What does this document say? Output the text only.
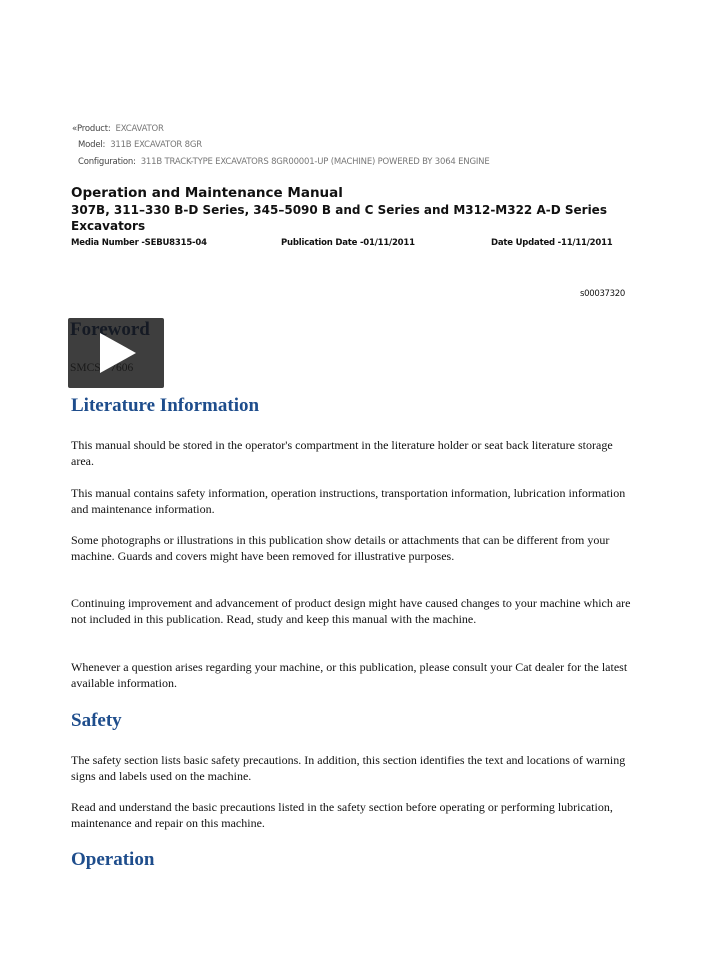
«Product: EXCAVATOR
Model: 311B EXCAVATOR 8GR
Configuration: 311B TRACK-TYPE EXCAVATORS 8GR00001-UP (MACHINE) POWERED BY 3064 ENGINE
Operation and Maintenance Manual
307B, 311–330 B-D Series, 345–5090 B and C Series and M312-M322 A-D Series Excavators
Media Number -SEBU8315-04	Publication Date -01/11/2011	Date Updated -11/11/2011
s00037320
Literature Information
This manual should be stored in the operator's compartment in the literature holder or seat back literature storage area.
This manual contains safety information, operation instructions, transportation information, lubrication information and maintenance information.
Some photographs or illustrations in this publication show details or attachments that can be different from your machine. Guards and covers might have been removed for illustrative purposes.
Continuing improvement and advancement of product design might have caused changes to your machine which are not included in this publication. Read, study and keep this manual with the machine.
Whenever a question arises regarding your machine, or this publication, please consult your Cat dealer for the latest available information.
Safety
The safety section lists basic safety precautions. In addition, this section identifies the text and locations of warning signs and labels used on the machine.
Read and understand the basic precautions listed in the safety section before operating or performing lubrication, maintenance and repair on this machine.
Operation
